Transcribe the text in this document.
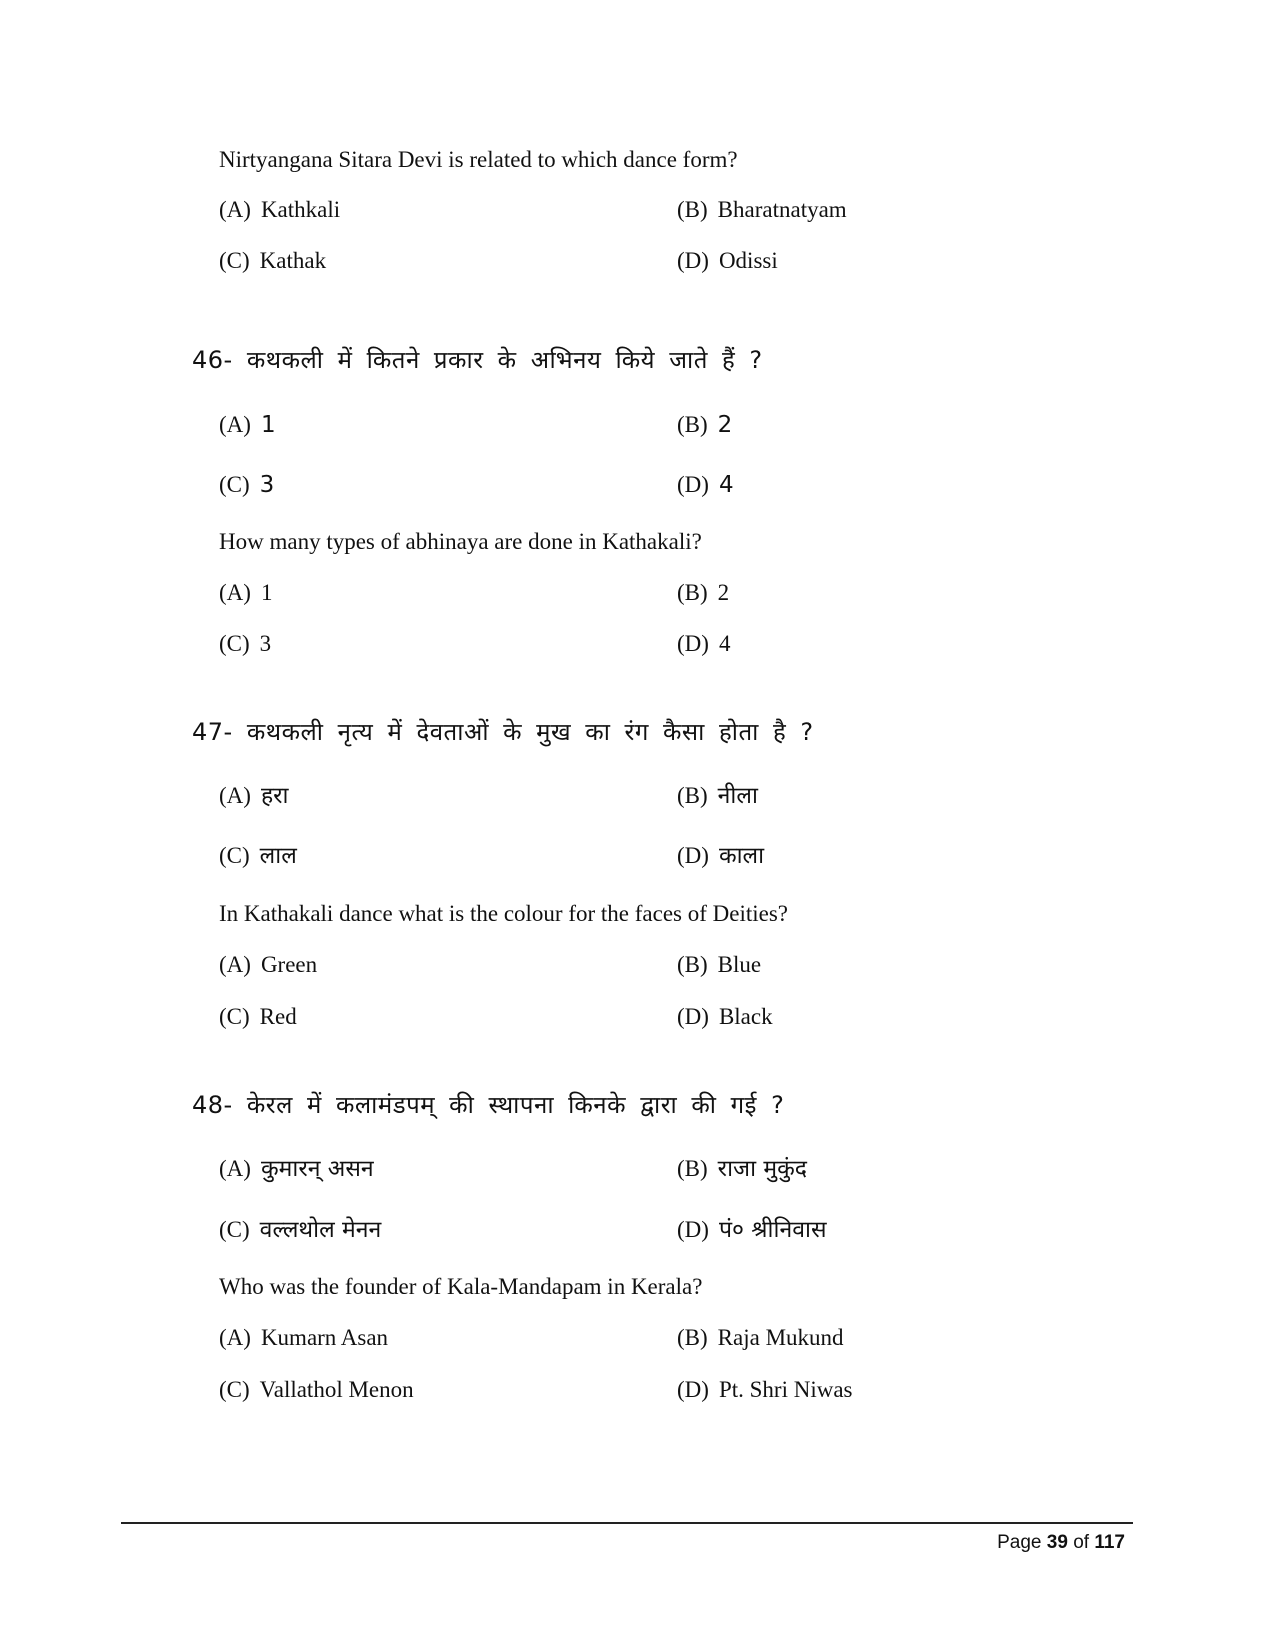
Nirtyangana Sitara Devi is related to which dance form?
(A) Kathkali	(B) Bharatnatyam
(C) Kathak	(D) Odissi
46- कथकली में कितने प्रकार के अभिनय किये जाते हैं ?
(A) 1	(B) 2
(C) 3	(D) 4
How many types of abhinaya are done in Kathakali?
(A) 1	(B) 2
(C) 3	(D) 4
47- कथकली नृत्य में देवताओं के मुख का रंग कैसा होता है ?
(A) हरा	(B) नीला
(C) लाल	(D) काला
In Kathakali dance what is the colour for the faces of Deities?
(A) Green	(B) Blue
(C) Red	(D) Black
48- केरल में कलामंडपम् की स्थापना किनके द्वारा की गई ?
(A) कुमारन् असन	(B) राजा मुकुंद
(C) वल्लथोल मेनन	(D) पं० श्रीनिवास
Who was the founder of Kala-Mandapam in Kerala?
(A) Kumarn Asan	(B) Raja Mukund
(C) Vallathol Menon	(D) Pt. Shri Niwas
Page 39 of 117
